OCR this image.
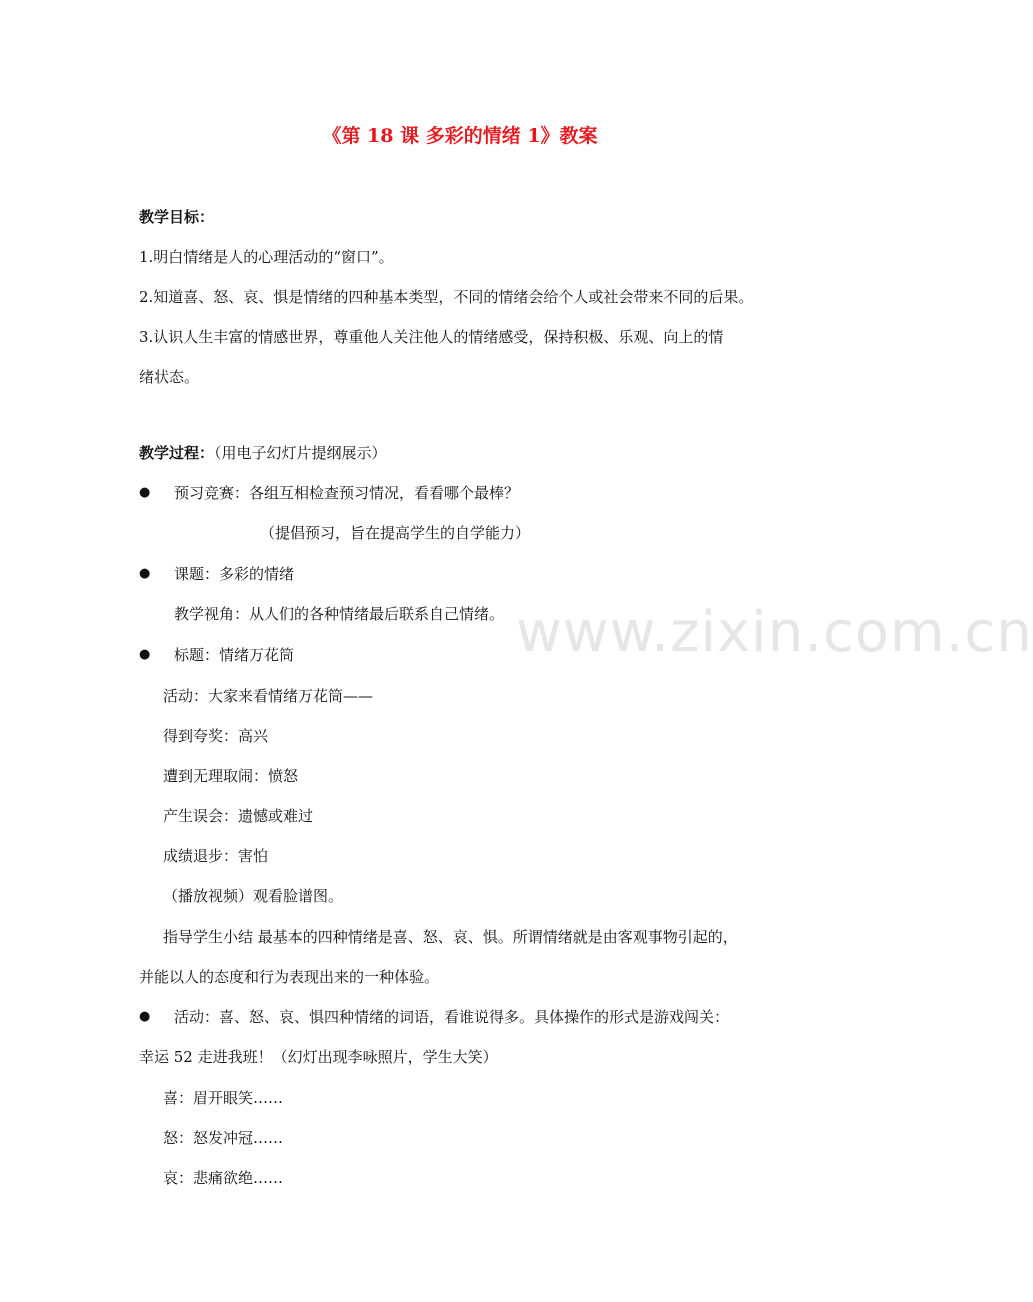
《第 18 课 多彩的情绪 1》教案
教学目标：
1.明白情绪是人的心理活动的“窗口”。
2.知道喜、怒、哀、惧是情绪的四种基本类型，不同的情绪会给个人或社会带来不同的后果。
3.认识人生丰富的情感世界，尊重他人关注他人的情绪感受，保持积极、乐观、向上的情
绪状态。
教学过程：（用电子幻灯片提纲展示）
● 预习竞赛：各组互相检查预习情况，看看哪个最棒？
（提倡预习，旨在提高学生的自学能力）
● 课题：多彩的情绪
教学视角：从人们的各种情绪最后联系自己情绪。
● 标题：情绪万花筒
活动：大家来看情绪万花筒——
得到夸奖：高兴
遭到无理取闹：愤怒
产生误会：遗憾或难过
成绩退步：害怕
（播放视频）观看脸谱图。
指导学生小结 最基本的四种情绪是喜、怒、哀、惧。所谓情绪就是由客观事物引起的，
并能以人的态度和行为表现出来的一种体验。
● 活动：喜、怒、哀、惧四种情绪的词语，看谁说得多。具体操作的形式是游戏闯关：
幸运 52 走进我班！（幻灯出现李咏照片，学生大笑）
喜：眉开眼笑……
怒：怒发冲冠……
哀：悲痛欲绝……
www.zixin.com.cn
